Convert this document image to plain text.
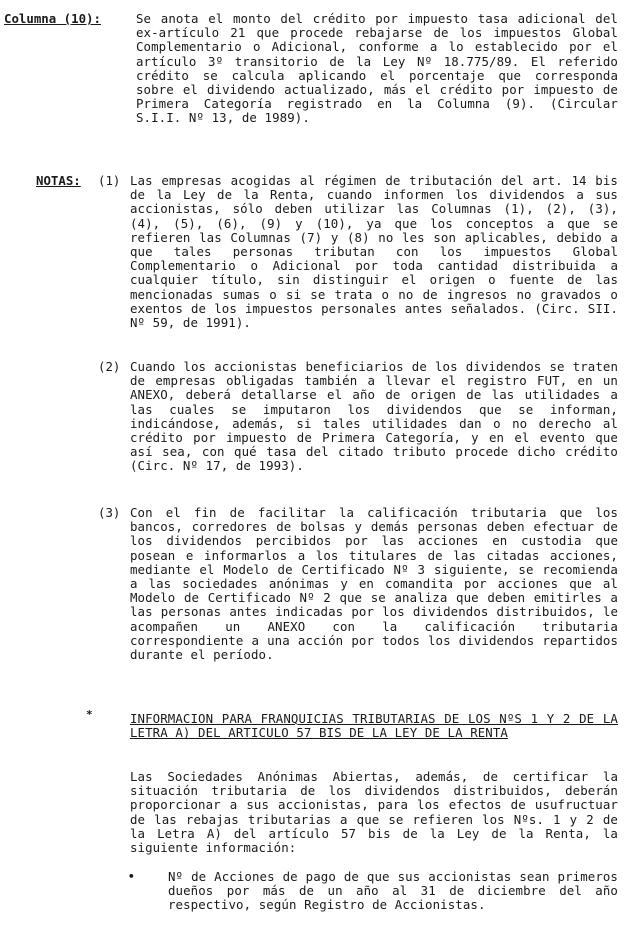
Columna (10):	Se anota el monto del crédito por impuesto tasa adicional del ex-artículo 21 que procede rebajarse de los impuestos Global Complementario o Adicional, conforme a lo establecido por el artículo 3º transitorio de la Ley Nº 18.775/89. El referido crédito se calcula aplicando el porcentaje que corresponda sobre el dividendo actualizado, más el crédito por impuesto de Primera Categoría registrado en la Columna (9). (Circular S.I.I. Nº 13, de 1989).
NOTAS:	(1) Las empresas acogidas al régimen de tributación del art. 14 bis de la Ley de la Renta, cuando informen los dividendos a sus accionistas, sólo deben utilizar las Columnas (1), (2), (3), (4), (5), (6), (9) y (10), ya que los conceptos a que se refieren las Columnas (7) y (8) no les son aplicables, debido a que tales personas tributan con los impuestos Global Complementario o Adicional por toda cantidad distribuida a cualquier título, sin distinguir el origen o fuente de las mencionadas sumas o si se trata o no de ingresos no gravados o exentos de los impuestos personales antes señalados. (Circ. SII. Nº 59, de 1991).
(2) Cuando los accionistas beneficiarios de los dividendos se traten de empresas obligadas también a llevar el registro FUT, en un ANEXO, deberá detallarse el año de origen de las utilidades a las cuales se imputaron los dividendos que se informan, indicándose, además, si tales utilidades dan o no derecho al crédito por impuesto de Primera Categoría, y en el evento que así sea, con qué tasa del citado tributo procede dicho crédito (Circ. Nº 17, de 1993).
(3) Con el fin de facilitar la calificación tributaria que los bancos, corredores de bolsas y demás personas deben efectuar de los dividendos percibidos por las acciones en custodia que posean e informarlos a los titulares de las citadas acciones, mediante el Modelo de Certificado Nº 3 siguiente, se recomienda a las sociedades anónimas y en comandita por acciones que al Modelo de Certificado Nº 2 que se analiza que deben emitirles a las personas antes indicadas por los dividendos distribuidos, le acompañen un ANEXO con la calificación tributaria correspondiente a una acción por todos los dividendos repartidos durante el período.
*	INFORMACION PARA FRANQUICIAS TRIBUTARIAS DE LOS NºS 1 Y 2 DE LA LETRA A) DEL ARTICULO 57 BIS DE LA LEY DE LA RENTA
Las Sociedades Anónimas Abiertas, además, de certificar la situación tributaria de los dividendos distribuidos, deberán proporcionar a sus accionistas, para los efectos de usufructuar de las rebajas tributarias a que se refieren los Nºs. 1 y 2 de la Letra A) del artículo 57 bis de la Ley de la Renta, la siguiente información:
•	Nº de Acciones de pago de que sus accionistas sean primeros dueños por más de un año al 31 de diciembre del año respectivo, según Registro de Accionistas.
